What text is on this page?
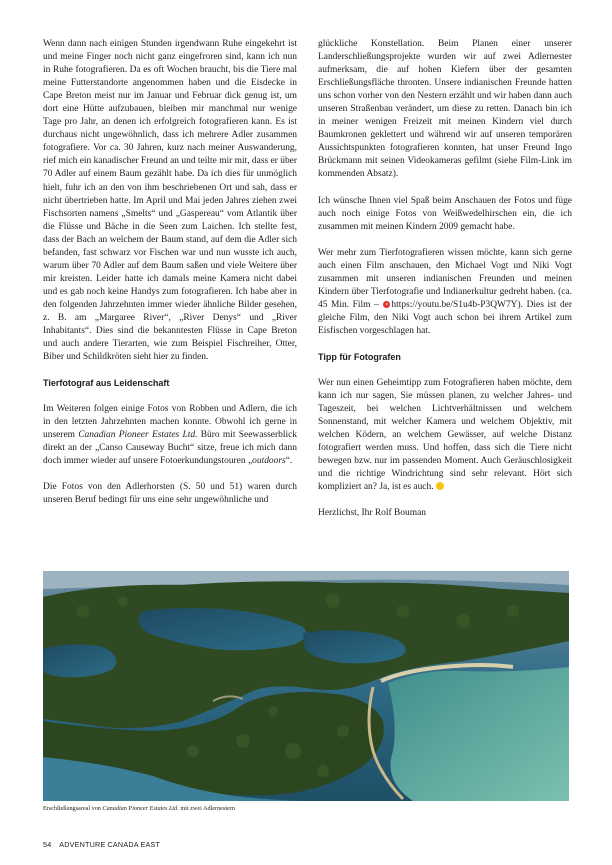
Wenn dann nach einigen Stunden irgendwann Ruhe eingekehrt ist und meine Finger noch nicht ganz eingefroren sind, kann ich nun in Ruhe fotografieren. Da es oft Wochen braucht, bis die Tiere mal meine Futterstandorte angenommen haben und die Eisdecke in Cape Breton meist nur im Januar und Februar dick genug ist, um dort eine Hütte aufzubauen, bleiben mir manchmal nur wenige Tage pro Jahr, an denen ich erfolgreich fotografieren kann. Es ist durchaus nicht ungewöhnlich, dass ich mehrere Adler zusammen fotografiere. Vor ca. 30 Jahren, kurz nach meiner Auswanderung, rief mich ein kanadischer Freund an und teilte mir mit, dass er über 70 Adler auf einem Baum gezählt habe. Da ich dies für unmöglich hielt, fuhr ich an den von ihm beschriebenen Ort und sah, dass er nicht übertrieben hatte. Im April und Mai jeden Jahres ziehen zwei Fischsorten namens „Smelts“ und „Gaspereau“ vom Atlantik über die Flüsse und Bäche in die Seen zum Laichen. Ich stellte fest, dass der Bach an welchem der Baum stand, auf dem die Adler sich befanden, fast schwarz vor Fischen war und nun wusste ich auch, warum über 70 Adler auf dem Baum saßen und viele Weitere über mir kreisten. Leider hatte ich damals meine Kamera nicht dabei und es gab noch keine Handys zum fotografieren. Ich habe aber in den folgenden Jahrzehnten immer wieder ähnliche Bilder gesehen, z. B. am „Margaree River“, „River Denys“ und „River Inhabitants“. Dies sind die bekanntesten Flüsse in Cape Breton und auch andere Tierarten, wie zum Beispiel Fischreiher, Otter, Biber und Schildkröten sieht hier zu finden.

Tierfotograf aus Leidenschaft

Im Weiteren folgen einige Fotos von Robben und Adlern, die ich in den letzten Jahrzehnten machen konnte. Obwohl ich gerne in unserem Canadian Pioneer Estates Ltd. Büro mit Seewasserblick direkt an der „Canso Causeway Bucht“ sitze, freue ich mich dann doch immer wieder auf unsere Fotoerkundungstouren „outdoors“.

Die Fotos von den Adlerhorsten (S. 50 und 51) waren durch unseren Beruf bedingt für uns eine sehr ungewöhnliche und

glückliche Konstellation. Beim Planen einer unserer Landerschließungsprojekte wurden wir auf zwei Adlernester aufmerksam, die auf hohen Kiefern über der gesamten Erschließungsfläche thronten. Unsere indianischen Freunde hatten uns schon vorher von den Nestern erzählt und wir haben dann auch unseren Straßenbau verändert, um diese zu retten. Danach bin ich in meiner wenigen Freizeit mit meinen Kindern viel durch Baumkronen geklettert und während wir auf unseren temporären Aussichtspunkten fotografieren konnten, hat unser Freund Ingo Brückmann mit seinen Videokameras gefilmt (siehe Film-Link im kommenden Absatz).

Ich wünsche Ihnen viel Spaß beim Anschauen der Fotos und füge auch noch einige Fotos von Weißwedelhirschen ein, die ich zusammen mit meinen Kindern 2009 gemacht habe.

Wer mehr zum Tierfotografieren wissen möchte, kann sich gerne auch einen Film anschauen, den Michael Vogt und Niki Vogt zusammen mit unseren indianischen Freunden und meinen Kindern über Tierfotografie und Indianerkultur gedreht haben. (ca. 45 Min. Film – https://youtu.be/S1u4b-P3QW7Y). Dies ist der gleiche Film, den Niki Vogt auch schon bei ihrem Artikel zum Eisfischen vorgeschlagen hat.

Tipp für Fotografen

Wer nun einen Geheimtipp zum Fotografieren haben möchte, dem kann ich nur sagen, Sie müssen planen, zu welcher Jahres- und Tageszeit, bei welchen Lichtverhältnissen und welchem Sonnenstand, mit welcher Kamera und welchem Objektiv, mit welchen Ködern, an welchem Gewässer, auf welche Distanz fotografiert werden muss. Und hoffen, dass sich die Tiere nicht bewegen bzw. nur im passenden Moment. Auch Geräuschlosigkeit und die richtige Windrichtung sind sehr relevant. Hört sich kompliziert an? Ja, ist es auch.

Herzlichst, Ihr Rolf Bouman

Erschließungsareal von Canadian Pioneer Estates Ltd. mit zwei Adlernestern
54 ADVENTURE CANADA EAST
